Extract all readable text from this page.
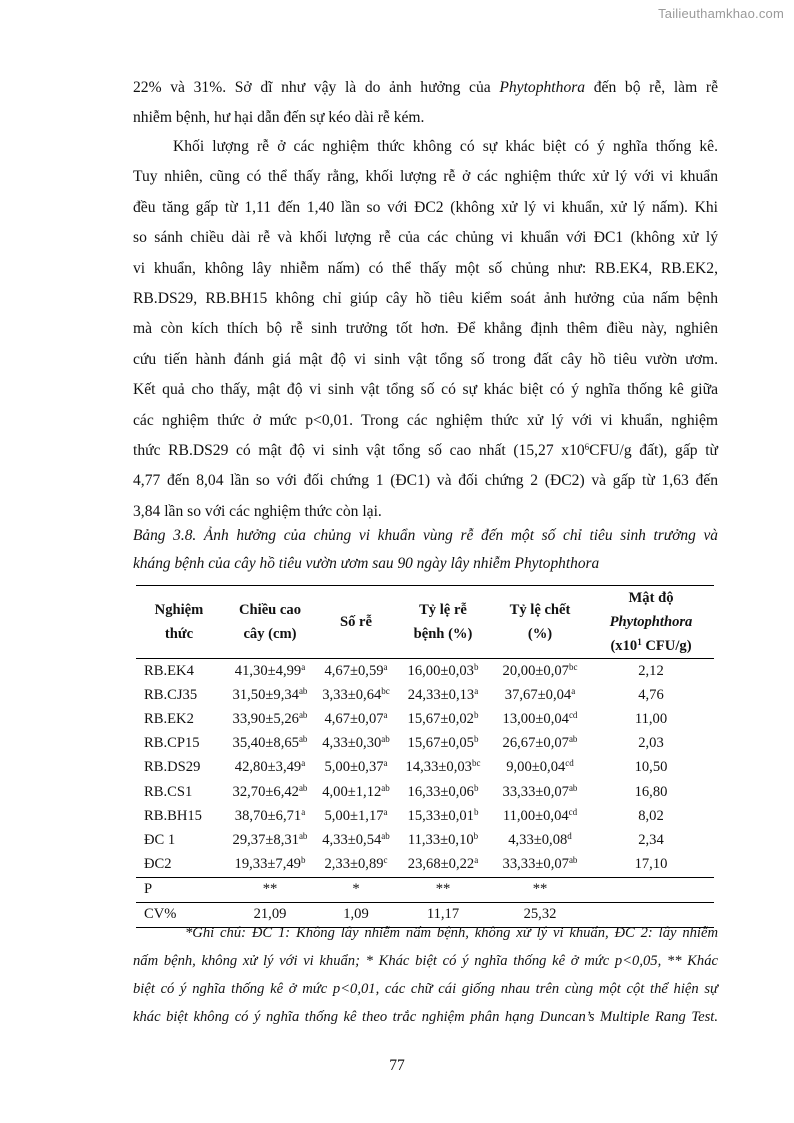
Tailieuthamkhao.com
22% và 31%. Sở dĩ như vậy là do ảnh hưởng của Phytophthora đến bộ rễ, làm rễ
nhiễm bệnh, hư hại dẫn đến sự kéo dài rễ kém.
Khối lượng rễ ở các nghiệm thức không có sự khác biệt có ý nghĩa thống kê.
Tuy nhiên, cũng có thể thấy rằng, khối lượng rễ ở các nghiệm thức xử lý với vi khuẩn
đều tăng gấp từ 1,11 đến 1,40 lần so với ĐC2 (không xử lý vi khuẩn, xử lý nấm). Khi
so sánh chiều dài rễ và khối lượng rễ của các chủng vi khuẩn với ĐC1 (không xử lý
vi khuẩn, không lây nhiễm nấm) có thể thấy một số chủng như: RB.EK4, RB.EK2,
RB.DS29, RB.BH15 không chỉ giúp cây hồ tiêu kiểm soát ảnh hưởng của nấm bệnh
mà còn kích thích bộ rễ sinh trưởng tốt hơn. Để khẳng định thêm điều này, nghiên
cứu tiến hành đánh giá mật độ vi sinh vật tổng số trong đất cây hồ tiêu vườn ươm.
Kết quả cho thấy, mật độ vi sinh vật tổng số có sự khác biệt có ý nghĩa thống kê giữa
các nghiệm thức ở mức p<0,01. Trong các nghiệm thức xử lý với vi khuẩn, nghiệm
thức RB.DS29 có mật độ vi sinh vật tổng số cao nhất (15,27 $x10^6CFU/g$ đất), gấp từ
4,77 đến 8,04 lần so với đối chứng 1 (ĐC1) và đối chứng 2 (ĐC2) và gấp từ 1,63 đến
3,84 lần so với các nghiệm thức còn lại.
Bảng 3.8. Ảnh hưởng của chủng vi khuẩn vùng rễ đến một số chỉ tiêu sinh trưởng và
kháng bệnh của cây hồ tiêu vườn ươm sau 90 ngày lây nhiễm Phytophthora
Nghiệm
thức	Chiều cao
cây (cm)	Số rễ	Tỷ lệ rễ
bệnh (%)	Tỷ lệ chết
(%)	Mật độ
Phytophthora
($x10^1$ CFU/g)
RB.EK4	41,30±4,99$^a$	4,67±0,59$^a$	16,00±0,03$^b$	20,00±0,07$^{bc}$	2,12
RB.CJ35	31,50±9,34$^{ab}$	3,33±0,64$^{bc}$	24,33±0,13$^a$	37,67±0,04$^a$	4,76
RB.EK2	33,90±5,26$^{ab}$	4,67±0,07$^a$	15,67±0,02$^b$	13,00±0,04$^{cd}$	11,00
RB.CP15	35,40±8,65$^{ab}$	4,33±0,30$^{ab}$	15,67±0,05$^b$	26,67±0,07$^{ab}$	2,03
RB.DS29	42,80±3,49$^a$	5,00±0,37$^a$	14,33±0,03$^{bc}$	9,00±0,04$^{cd}$	10,50
RB.CS1	32,70±6,42$^{ab}$	4,00±1,12$^{ab}$	16,33±0,06$^b$	33,33±0,07$^{ab}$	16,80
RB.BH15	38,70±6,71$^a$	5,00±1,17$^a$	15,33±0,01$^b$	11,00±0,04$^{cd}$	8,02
ĐC 1	29,37±8,31$^{ab}$	4,33±0,54$^{ab}$	11,33±0,10$^b$	4,33±0,08$^d$	2,34
ĐC2	19,33±7,49$^b$	2,33±0,89$^c$	23,68±0,22$^a$	33,33±0,07$^{ab}$	17,10
P	**	*	**	**	
CV%	21,09	1,09	11,17	25,32	
*Ghi chú: ĐC 1: Không lây nhiễm nấm bệnh, không xử lý vi khuẩn, ĐC 2: lây nhiễm
nấm bệnh, không xử lý với vi khuẩn; * Khác biệt có ý nghĩa thống kê ở mức p<0,05, ** Khác
biệt có ý nghĩa thống kê ở mức p<0,01, các chữ cái giống nhau trên cùng một cột thể hiện sự
khác biệt không có ý nghĩa thống kê theo trắc nghiệm phân hạng Duncan’s Multiple Rang Test.
77
